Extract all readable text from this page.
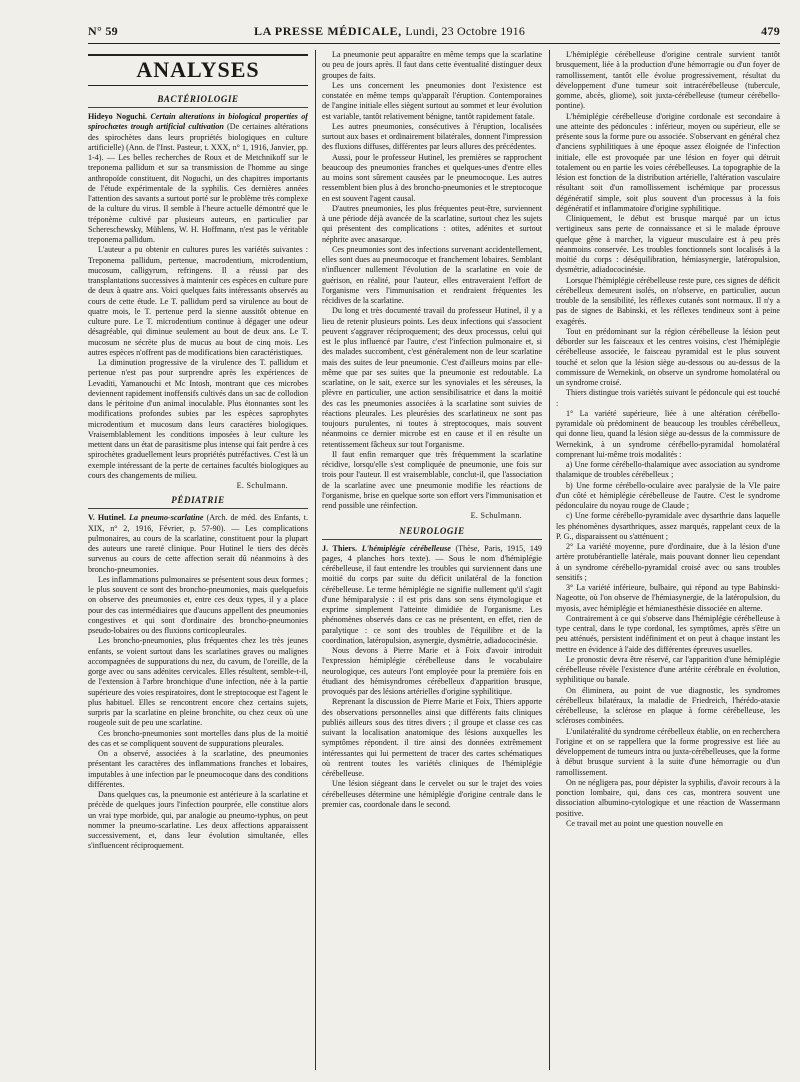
N° 59	LA PRESSE MÉDICALE, Lundi, 23 Octobre 1916	479
ANALYSES
BACTÉRIOLOGIE

Hideyo Noguchi. Certain alterations in biological properties of spirochætes trough artificial cultivation (De certaines altérations des spirochètes dans leurs propriétés biologiques en culture artificielle) (Ann. de l'Inst. Pasteur, t. XXX, n° 1, 1916, Janvier, pp. 1-4). — Les belles recherches de Roux et de Metchnikoff sur le treponema pallidum et sur sa transmission de l'homme au singe anthropoïde constituent, dit Noguchi, un des chapitres importants de l'étude expérimentale de la syphilis. Ces dernières années l'attention des savants a surtout porté sur le problème très complexe de la culture du virus. Il semble à l'heure actuelle démontré que le tréponème cultivé par plusieurs auteurs, en particulier par Schereschewsky, Mühlens, W. H. Hoffmann, n'est pas le véritable treponema pallidum.

L'auteur a pu obtenir en cultures pures les variétés suivantes : Treponema pallidum, pertenue, macrodentium, microdentium, mucosum, calligyrum, refringens. Il a réussi par des transplantations successives à maintenir ces espèces en culture pure de deux à quatre ans. Voici quelques faits intéressants observés au cours de cette étude. Le T. pallidum perd sa virulence au bout de quatre mois, le T. pertenue perd la sienne aussitôt obtenue en culture pure. Le T. microdentium continue à dégager une odeur désagréable, qui diminue seulement au bout de deux ans. Le T. mucosum ne sécrète plus de mucus au bout de cinq mois. Les autres espèces n'offrent pas de modifications bien caractéristiques.

La diminution progressive de la virulence des T. pallidum et pertenue n'est pas pour surprendre après les expériences de Levaditi, Yamanouchi et Mc Intosh, montrant que ces microbes deviennent rapidement inoffensifs cultivés dans un sac de collodion dans le péritoine d'un animal inoculable. Plus étonnantes sont les modifications profondes subies par les espèces saprophytes microdentium et mucosum dans leurs caractères biologiques. Vraisemblablement les conditions imposées à leur culture les mettent dans un état de parasitisme plus intense qui fait perdre à ces spirochètes graduellement leurs propriétés putréfactives. C'est là un exemple intéressant de la perte de certaines facultés biologiques au cours des changements de milieu.

E. Schulmann.

PÉDIATRIE

V. Hutinel. La pneumo-scarlatine (Arch. de méd. des Enfants, t. XIX, n° 2, 1916, Février, p. 57-90). — Les complications pulmonaires, au cours de la scarlatine, constituent pour la plupart des auteurs une rareté clinique. Pour Hutinel le tiers des décès survenus au cours de cette affection serait dû néanmoins à des broncho-pneumonies.

Les inflammations pulmonaires se présentent sous deux formes ; le plus souvent ce sont des broncho-pneumonies, mais quelquefois on observe des pneumonies et, entre ces deux types, il y a place pour des cas intermédiaires que d'aucuns appellent des pneumonies congestives et qui sont d'ordinaire des broncho-pneumonies pseudo-lobaires ou des fluxions corticopleurales.

Les broncho-pneumonies, plus fréquentes chez les très jeunes enfants, se voient surtout dans les scarlatines graves ou malignes accompagnées de suppurations du nez, du cavum, de l'oreille, de la gorge avec ou sans adénites cervicales. Elles résultent, semble-t-il, de l'extension à l'arbre bronchique d'une infection, née à la partie supérieure des voies respiratoires, dont le streptocoque est l'agent le plus habituel. Elles se rencontrent encore chez certains sujets, surpris par la scarlatine en pleine bronchite, ou chez ceux où une rougeole suit de peu une scarlatine.

Ces broncho-pneumonies sont mortelles dans plus de la moitié des cas et se compliquent souvent de suppurations pleurales.

On a observé, associées à la scarlatine, des pneumonies présentant les caractères des inflammations franches et lobaires, imputables à une infection par le pneumocoque dans des conditions différentes.

Dans quelques cas, la pneumonie est antérieure à la scarlatine et précède de quelques jours l'infection pourprée, elle constitue alors un vrai type morbide, qui, par analogie au pneumo-typhus, on peut nommer la pneumo-scarlatine. Les deux affections apparaissent successivement, et, dans leur évolution simultanée, elles s'influencent réciproquement.

La pneumonie peut apparaître en même temps que la scarlatine ou peu de jours après. Il faut dans cette éventualité distinguer deux groupes de faits.

Les uns concernent les pneumonies dont l'existence est constatée en même temps qu'apparaît l'éruption. Contemporaines de l'angine initiale elles siègent surtout au sommet et leur évolution est variable, tantôt relativement bénigne, tantôt rapidement fatale.

Les autres pneumonies, consécutives à l'éruption, localisées surtout aux bases et ordinairement bilatérales, donnent l'impression des fluxions diffuses, différentes par leurs allures des précédentes.

Aussi, pour le professeur Hutinel, les premières se rapprochent beaucoup des pneumonies franches et quelques-unes d'entre elles au moins sont sûrement causées par le pneumocoque. Les autres ressemblent bien plus à des broncho-pneumonies et le streptocoque en est souvent l'agent causal.

D'autres pneumonies, les plus fréquentes peut-être, surviennent à une période déjà avancée de la scarlatine, surtout chez les sujets qui présentent des complications : otites, adénites et surtout néphrite avec anasarque.

Ces pneumonies sont des infections survenant accidentellement, elles sont dues au pneumocoque et franchement lobaires. Semblant n'influencer nullement l'évolution de la scarlatine en voie de guérison, en réalité, pour l'auteur, elles entraveraient l'effort de l'organisme vers l'immunisation et rendraient fréquentes les récidives de la scarlatine.

Du long et très documenté travail du professeur Hutinel, il y a lieu de retenir plusieurs points. Les deux infections qui s'associent peuvent s'aggraver réciproquement; des deux processus, celui qui est le plus influencé par l'autre, c'est l'infection pulmonaire et, si des malades succombent, c'est généralement non de leur scarlatine mais des suites de leur pneumonie. C'est d'ailleurs moins par elle-même que par ses suites que la pneumonie est redoutable. La scarlatine, on le sait, exerce sur les synoviales et les séreuses, la plèvre en particulier, une action sensibilisatrice et dans la moitié des cas les pneumonies associées à la scarlatine sont suivies de réactions pleurales. Les pleurésies des scarlatineux ne sont pas toujours purulentes, ni toutes à streptocoques, mais souvent néanmoins ce dernier microbe est en cause et il en résulte un retentissement fâcheux sur tout l'organisme.

Il faut enfin remarquer que très fréquemment la scarlatine récidive, lorsqu'elle s'est compliquée de pneumonie, une fois sur trois pour l'auteur. Il est vraisemblable, conclut-il, que l'association de la scarlatine avec une pneumonie modifie les réactions de l'organisme, brise en quelque sorte son effort vers l'immunisation et rend possible une réinfection.

E. Schulmann.

NEUROLOGIE

J. Thiers. L'hémiplégie cérébelleuse (Thèse, Paris, 1915, 149 pages, 4 planches hors texte). — Sous le nom d'hémiplégie cérébelleuse, il faut entendre les troubles qui surviennent dans une moitié du corps par suite du déficit unilatéral de la fonction cérébelleuse. Le terme hémiplégie ne signifie nullement qu'il s'agit d'une hémiparalysie : il est pris dans son sens étymologique et exprime simplement l'atteinte dimidiée de l'organisme. Les phénomènes observés dans ce cas ne présentent, en effet, rien de paralytique : ce sont des troubles de l'équilibre et de la coordination, latéropulsion, asynergie, dysmétrie, adiadococinésie.

Nous devons à Pierre Marie et à Foix d'avoir introduit l'expression hémiplégie cérébelleuse dans le vocabulaire neurologique, ces auteurs l'ont employée pour la première fois en étudiant des hémisyndromes cérébelleux d'apparition brusque, provoqués par des lésions artérielles d'origine syphilitique.

Reprenant la discussion de Pierre Marie et Foix, Thiers apporte des observations personnelles ainsi que différents faits cliniques publiés ailleurs sous des titres divers ; il groupe et classe ces cas suivant la localisation anatomique des lésions auxquelles les symptômes répondent. il tire ainsi des données extrêmement intéressantes qui lui permettent de tracer des cartes schématiques où rentrent toutes les variétés cliniques de l'hémiplégie cérébelleuse.

Une lésion siégeant dans le cervelet ou sur le trajet des voies cérébelleuses détermine une hémiplégie d'origine centrale dans le premier cas, coordonale dans le second.

L'hémiplégie cérébelleuse d'origine centrale survient tantôt brusquement, liée à la production d'une hémorragie ou d'un foyer de ramollissement, tantôt elle évolue progressivement, résultat du développement d'une tumeur soit intracérébelleuse (tubercule, gomme, abcès, gliome), soit juxta-cérébelleuse (tumeur cérébello-pontine).

L'hémiplégie cérébelleuse d'origine cordonale est secondaire à une atteinte des pédoncules : inférieur, moyen ou supérieur, elle se présente sous la forme pure ou associée. S'observant en général chez d'anciens syphilitiques à une époque assez éloignée de l'infection initiale, elle est provoquée par une lésion en foyer qui détruit totalement ou en partie les voies cérébelleuses. La topographie de la lésion est fonction de la distribution artérielle, l'altération vasculaire résultant soit d'un ramollissement ischémique par processus dégénératif simple, soit plus souvent d'un processus à la fois dégénératif et inflammatoire d'origine syphilitique.

Cliniquement, le début est brusque marqué par un ictus vertigineux sans perte de connaissance et si le malade éprouve quelque gêne à marcher, la vigueur musculaire est à peu près néanmoins conservée. Les troubles fonctionnels sont localisés à la moitié du corps : déséquilibration, hémiasynergie, latéropulsion, dysmétrie, adiadococinésie.

Lorsque l'hémiplégie cérébelleuse reste pure, ces signes de déficit cérébelleux demeurent isolés, on n'observe, en particulier, aucun trouble de la sensibilité, les réflexes cutanés sont normaux. Il n'y a pas de signes de Babinski, et les réflexes tendineux sont à peine exagérés.

Tout en prédominant sur la région cérébelleuse la lésion peut déborder sur les faisceaux et les centres voisins, c'est l'hémiplégie cérébelleuse associée, le faisceau pyramidal est le plus souvent touché et selon que la lésion siège au-dessous ou au-dessus de la commissure de Wernekink, on observe un syndrome homolatéral ou un syndrome croisé.

Thiers distingue trois variétés suivant le pédoncule qui est touché :

1° La variété supérieure, liée à une altération cérébello-pyramidale où prédominent de beaucoup les troubles cérébelleux, qui donne lieu, quand la lésion siège au-dessus de la commissure de Wernekink, à un syndrome cérébello-pyramidal homolatéral comprenant lui-même trois modalités :

a) Une forme cérébello-thalamique avec association au syndrome thalamique de troubles cérébelleux ;

b) Une forme cérébello-oculaire avec paralysie de la VIe paire d'un côté et hémiplégie cérébelleuse de l'autre. C'est le syndrome pédonculaire du noyau rouge de Claude ;

c) Une forme cérébello-pyramidale avec dysarthrie dans laquelle les phénomènes dysarthriques, assez marqués, rappelant ceux de la P. G., disparaissent ou s'atténuent ;

2° La variété moyenne, pure d'ordinaire, due à la lésion d'une artère protubérantielle latérale, mais pouvant donner lieu cependant à un syndrome cérébello-pyramidal croisé avec ou sans troubles sensitifs ;

3° La variété inférieure, bulbaire, qui répond au type Babinski-Nageotte, où l'on observe de l'hémiasynergie, de la latéropulsion, du myosis, avec hémiplégie et hémianesthésie dissociée en alterne.

Contrairement à ce qui s'observe dans l'hémiplégie cérébelleuse à type central, dans le type cordonal, les symptômes, après s'être un peu atténués, persistent indéfiniment et on peut à chaque instant les mettre en évidence à l'aide des différentes épreuves usuelles.

Le pronostic devra être réservé, car l'apparition d'une hémiplégie cérébelleuse révèle l'existence d'une artérite cérébrale en évolution, syphilitique ou banale.

On éliminera, au point de vue diagnostic, les syndromes cérébelleux bilatéraux, la maladie de Friedreich, l'hérédo-ataxie cérébelleuse, la sclérose en plaque à forme cérébelleuse, les scléroses combinées.

L'unilatéralité du syndrome cérébelleux établie, on en recherchera l'origine et on se rappellera que la forme progressive est liée au développement de tumeurs intra ou juxta-cérébelleuses, que la forme à début brusque survient à la suite d'une hémorragie ou d'un ramollissement.

On ne négligera pas, pour dépister la syphilis, d'avoir recours à la ponction lombaire, qui, dans ces cas, montrera souvent une dissociation albumino-cytologique et une réaction de Wassermann positive.

Ce travail met au point une question nouvelle en
